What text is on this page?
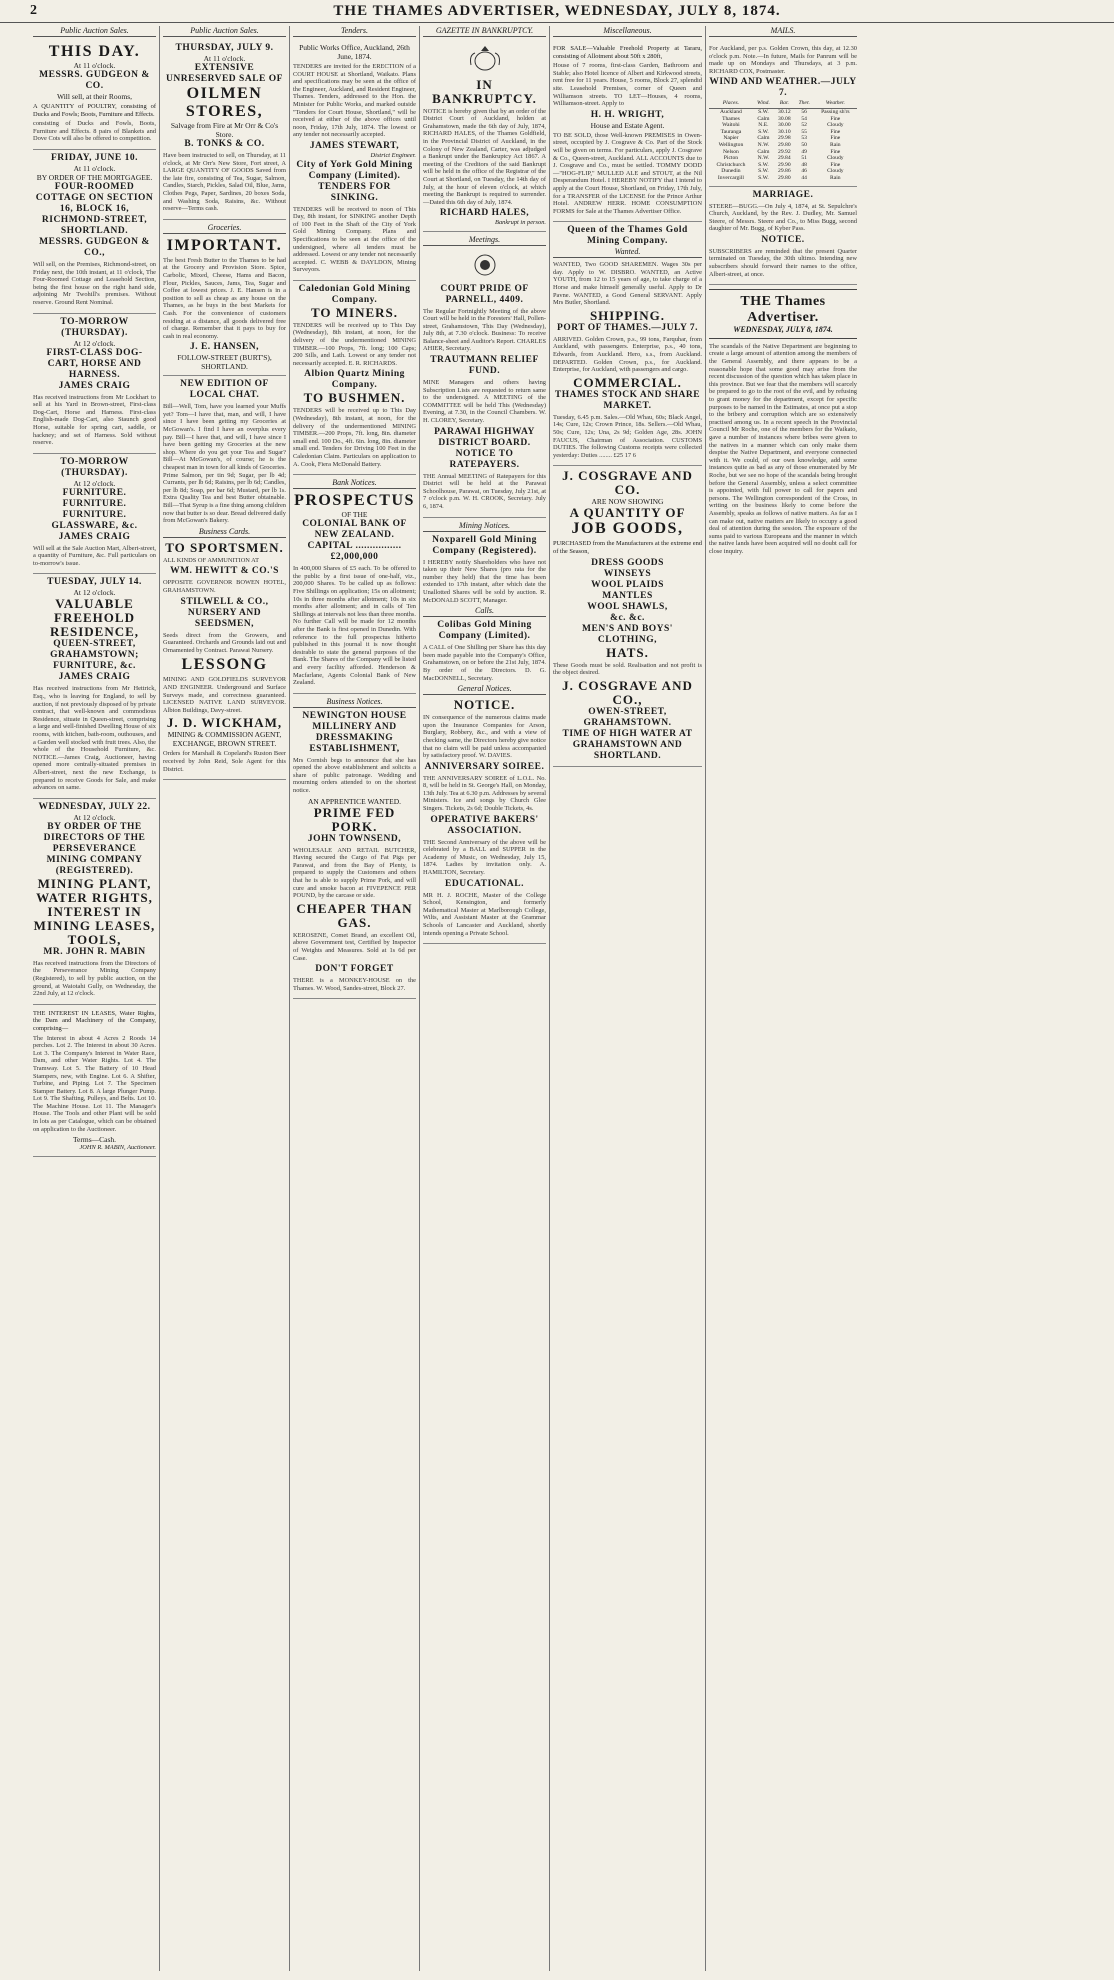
2	THE THAMES ADVERTISER, WEDNESDAY, JULY 8, 1874.
Public Auction Sales.
THIS DAY.
At 11 o'clock.
MESSRS. GUDGEON & CO.
Will sell, at their Rooms,

A QUANTITY of POULTRY, consisting of Ducks and Fowls; Boots, Furniture and Effects.

consisting of Ducks and Fowls, Boots, Furniture and Effects. 8 pairs of Blankets and Dove Cots will also be offered to competition.

FRIDAY, JUNE 10.
At 11 o'clock.
BY ORDER OF THE MORTGAGEE.
FOUR-ROOMED COTTAGE ON SECTION 16, BLOCK 16, RICHMOND-STREET, SHORTLAND.
MESSRS. GUDGEON & CO.,

Will sell, on the Premises, Richmond-street, on Friday next, the 10th instant, at 11 o'clock, The Four-Roomed Cottage and Leasehold Section, being the first house on the right hand side, adjoining Mr Twohill's premises. Without reserve. Ground Rent Nominal.

TO-MORROW (THURSDAY).
At 12 o'clock.
FIRST-CLASS DOG-CART, HORSE AND HARNESS.
JAMES CRAIG

Has received instructions from Mr Lockhart to sell at his Yard in Brown-street, First-class Dog-Cart, Horse and Harness. First-class English-made Dog-Cart, also Staunch good Horse, suitable for spring cart, saddle, or hackney; and set of Harness. Sold without reserve.

TO-MORROW (THURSDAY).
At 12 o'clock.
FURNITURE. FURNITURE. FURNITURE. GLASSWARE, &c.
JAMES CRAIG

Will sell at the Sale Auction Mart, Albert-street, a quantity of Furniture, &c. Full particulars on to-morrow's issue.

TUESDAY, JULY 14.
At 12 o'clock.
VALUABLE FREEHOLD RESIDENCE,
QUEEN-STREET, GRAHAMSTOWN; FURNITURE, &c.
JAMES CRAIG

Has received instructions from Mr Hettrick, Esq., who is leaving for England, to sell by auction, if not previously disposed of by private contract, that well-known and commodious Residence, situate in Queen-street, comprising a large and well-finished Dwelling House of six rooms, with kitchen, bath-room, outhouses, and a Garden well stocked with fruit trees. Also, the whole of the Household Furniture, &c. NOTICE.—James Craig, Auctioneer, having opened more centrally-situated premises in Albert-street, next the new Exchange, is prepared to receive Goods for Sale, and make advances on same.

WEDNESDAY, JULY 22.
At 12 o'clock.
BY ORDER OF THE DIRECTORS OF THE PERSEVERANCE MINING COMPANY (REGISTERED).
MINING PLANT, WATER RIGHTS, INTEREST IN MINING LEASES, TOOLS,
MR. JOHN R. MABIN

Has received instructions from the Directors of the Perseverance Mining Company (Registered), to sell by public auction, on the ground, at Waiotahi Gully, on Wednesday, the 22nd July, at 12 o'clock.

THE INTEREST IN LEASES, Water Rights, the Dam and Machinery of the Company, comprising—

The Interest in about 4 Acres 2 Roods 14 perches. Lot 2. The Interest in about 30 Acres. Lot 3. The Company's Interest in Water Race, Dam, and other Water Rights. Lot 4. The Tramway. Lot 5. The Battery of 10 Head Stampers, new, with Engine. Lot 6. A Shifter, Turbine, and Piping. Lot 7. The Specimen Stamper Battery. Lot 8. A large Plunger Pump. Lot 9. The Shafting, Pulleys, and Belts. Lot 10. The Machine House. Lot 11. The Manager's House. The Tools and other Plant will be sold in lots as per Catalogue, which can be obtained on application to the Auctioneer.

Terms—Cash.
JOHN R. MABIN, Auctioneer.
Public Auction Sales.
THURSDAY, JULY 9.
At 11 o'clock.
EXTENSIVE UNRESERVED SALE OF
OILMEN STORES,
Salvage from Fire at Mr Orr & Co's Store.
B. TONKS & CO.

Have been instructed to sell, on Thursday, at 11 o'clock, at Mr Orr's New Store, Fort street, A LARGE QUANTITY OF GOODS Saved from the late fire, consisting of Tea, Sugar, Salmon, Candles, Starch, Pickles, Salad Oil, Blue, Jams, Clothes Pegs, Paper, Sardines, 20 boxes Soda, and Washing Soda, Raisins, &c. Without reserve—Terms cash.

Groceries.
IMPORTANT.

The best Fresh Butter to the Thames to be had at the Grocery and Provision Store. Spice, Carbolic, Mixed, Cheese, Hams and Bacon, Flour, Pickles, Sauces, Jams, Tea, Sugar and Coffee at lowest prices. J. E. Hansen is in a position to sell as cheap as any house on the Thames, as he buys in the best Markets for Cash. For the convenience of customers residing at a distance, all goods delivered free of charge. Remember that it pays to buy for cash in real economy.

J. E. HANSEN,
FOLLOW-STREET (BURT'S), SHORTLAND.
NEW EDITION OF LOCAL CHAT.

Bill—Well, Tom, have you learned your Muffs yet? Tom—I have that, man, and will, I have since I have been getting my Groceries at McGowan's. I find I have an overplus every pay. Bill—I have that, and will, I have since I have been getting my Groceries at the new shop. Where do you get your Tea and Sugar? Bill—At McGowan's, of course; he is the cheapest man in town for all kinds of Groceries. Prime Salmon, per tin 9d; Sugar, per lb 4d; Currants, per lb 6d; Raisins, per lb 6d; Candles, per lb 8d; Soap, per bar 6d; Mustard, per lb 1s. Extra Quality Tea and best Butter obtainable. Bill—That Syrup is a fine thing among children now that butter is so dear. Bread delivered daily from McGowan's Bakery.

Business Cards.
TO SPORTSMEN.

ALL KINDS OF AMMUNITION AT

WM. HEWITT & CO.'S

OPPOSITE GOVERNOR BOWEN HOTEL, GRAHAMSTOWN.

STILWELL & CO., NURSERY AND SEEDSMEN,

Seeds direct from the Growers, and Guaranteed. Orchards and Grounds laid out and Ornamented by Contract. Parawai Nursery.

LESSONG

MINING AND GOLDFIELDS SURVEYOR AND ENGINEER. Underground and Surface Surveys made, and correctness guaranteed. LICENSED NATIVE LAND SURVEYOR. Albion Buildings, Davy-street.

J. D. WICKHAM,
MINING & COMMISSION AGENT,
EXCHANGE, BROWN STREET.

Orders for Marshall & Copeland's Ruston Beer received by John Reid, Sole Agent for this District.

Tenders.
Public Works Office, Auckland, 26th June, 1874.

TENDERS are invited for the ERECTION of a COURT HOUSE at Shortland, Waikato. Plans and specifications may be seen at the office of the Engineer, Auckland, and Resident Engineer, Thames. Tenders, addressed to the Hon. the Minister for Public Works, and marked outside "Tenders for Court House, Shortland," will be received at either of the above offices until noon, Friday, 17th July, 1874. The lowest or any tender not necessarily accepted.

JAMES STEWART,
District Engineer.
City of York Gold Mining Company (Limited).
TENDERS FOR SINKING.

TENDERS will be received to noon of This Day, 8th instant, for SINKING another Depth of 100 Feet in the Shaft of the City of York Gold Mining Company. Plans and Specifications to be seen at the office of the undersigned, where all tenders must be addressed. Lowest or any tender not necessarily accepted. C. WEBB & DAYLDON, Mining Surveyors.

Caledonian Gold Mining Company.
TO MINERS.

TENDERS will be received up to This Day (Wednesday), 8th instant, at noon, for the delivery of the undermentioned MINING TIMBER.—100 Props, 7ft. long; 100 Caps; 200 Sills, and Lath. Lowest or any tender not necessarily accepted. E. R. RICHARDS.

Albion Quartz Mining Company.
TO BUSHMEN.

TENDERS will be received up to This Day (Wednesday), 8th instant, at noon, for the delivery of the undermentioned MINING TIMBER.—200 Props, 7ft. long, 8in. diameter small end. 100 Do., 4ft. 6in. long, 8in. diameter small end. Tenders for Driving 100 Feet in the Caledonian Claim. Particulars on application to A. Cook, Fiera McDonald Battery.

Bank Notices.
PROSPECTUS
OF THE
COLONIAL BANK OF NEW ZEALAND.
CAPITAL ................ £2,000,000

In 400,000 Shares of £5 each. To be offered to the public by a first issue of one-half, viz., 200,000 Shares. To be called up as follows: Five Shillings on application; 15s on allotment; 10s in three months after allotment; 10s in six months after allotment; and in calls of Ten Shillings at intervals not less than three months. No further Call will be made for 12 months after the Bank is first opened in Dunedin. With reference to the full prospectus hitherto published in this journal it is now thought desirable to state the general purposes of the Bank. The Shares of the Company will be listed and every facility afforded. Henderson & Macfarlane, Agents Colonial Bank of New Zealand.

Business Notices.
NEWINGTON HOUSE
MILLINERY AND DRESSMAKING ESTABLISHMENT,

Mrs Cornish begs to announce that she has opened the above establishment and solicits a share of public patronage. Wedding and mourning orders attended to on the shortest notice.

AN APPRENTICE WANTED.
PRIME FED PORK.
JOHN TOWNSEND,

WHOLESALE AND RETAIL BUTCHER, Having secured the Cargo of Fat Pigs per Parawai, and from the Bay of Plenty, is prepared to supply the Customers and others that he is able to supply Prime Pork, and will cure and smoke bacon at FIVEPENCE PER POUND, by the carcase or side.

CHEAPER THAN GAS.

KEROSENE, Comet Brand, an excellent Oil, above Government test, Certified by Inspector of Weights and Measures. Sold at 1s 6d per Case.

DON'T FORGET

THERE is a MONKEY-HOUSE on the Thames. W. Wood, Sandes-street, Block 27.

GAZETTE IN BANKRUPTCY.
IN BANKRUPTCY.

NOTICE is hereby given that by an order of the District Court of Auckland, holden at Grahamstown, made the 6th day of July, 1874, RICHARD HALES, of the Thames Goldfield, in the Provincial District of Auckland, in the Colony of New Zealand, Carter, was adjudged a Bankrupt under the Bankruptcy Act 1867. A meeting of the Creditors of the said Bankrupt will be held in the office of the Registrar of the Court at Shortland, on Tuesday, the 14th day of July, at the hour of eleven o'clock, at which meeting the Bankrupt is required to surrender.—Dated this 6th day of July, 1874.

RICHARD HALES,
Bankrupt in person.
Meetings.
COURT PRIDE OF PARNELL, 4409.

The Regular Fortnightly Meeting of the above Court will be held in the Foresters' Hall, Pollen-street, Grahamstown, This Day (Wednesday), July 8th, at 7.30 o'clock. Business: To receive Balance-sheet and Auditor's Report. CHARLES AHIER, Secretary.

TRAUTMANN RELIEF FUND.

MINE Managers and others having Subscription Lists are requested to return same to the undersigned. A MEETING of the COMMITTEE will be held This (Wednesday) Evening, at 7.30, in the Council Chambers. W. H. CLOREY, Secretary.

PARAWAI HIGHWAY DISTRICT BOARD.
NOTICE TO RATEPAYERS.

THE Annual MEETING of Ratepayers for this District will be held at the Parawai Schoolhouse, Parawai, on Tuesday, July 21st, at 7 o'clock p.m. W. H. CROOK, Secretary. July 6, 1874.

Mining Notices.
Noxparell Gold Mining Company (Registered).

I HEREBY notify Shareholders who have not taken up their New Shares (pro rata for the number they held) that the time has been extended to 17th instant, after which date the Unallotted Shares will be sold by auction. R. McDONALD SCOTT, Manager.

Calls.
Colibas Gold Mining Company (Limited).

A CALL of One Shilling per Share has this day been made payable into the Company's Office, Grahamstown, on or before the 21st July, 1874. By order of the Directors. D. G. MacDONNELL, Secretary.

General Notices.
NOTICE.

IN consequence of the numerous claims made upon the Insurance Companies for Arson, Burglary, Robbery, &c., and with a view of checking same, the Directors hereby give notice that no claim will be paid unless accompanied by satisfactory proof. W. DAVIES.

ANNIVERSARY SOIREE.

THE ANNIVERSARY SOIREE of L.O.L. No. 8, will be held in St. George's Hall, on Monday, 13th July. Tea at 6.30 p.m. Addresses by several Ministers. Ice and songs by Church Glee Singers. Tickets, 2s 6d; Double Tickets, 4s.

OPERATIVE BAKERS' ASSOCIATION.

THE Second Anniversary of the above will be celebrated by a BALL and SUPPER in the Academy of Music, on Wednesday, July 15, 1874. Ladies by invitation only. A. HAMILTON, Secretary.

EDUCATIONAL.

MR H. J. ROCHE, Master of the College School, Kensington, and formerly Mathematical Master at Marlborough College, Wilts, and Assistant Master at the Grammar Schools of Lancaster and Auckland, shortly intends opening a Private School.

Miscellaneous.

FOR SALE—Valuable Freehold Property at Tararu, consisting of Allotment about 50ft x 280ft,

House of 7 rooms, first-class Garden, Bathroom and Stable; also Hotel licence of Albert and Kirkwood streets, rent free for 11 years. House, 5 rooms, Block 27, splendid site. Leasehold Premises, corner of Queen and Williamson streets. TO LET—Houses, 4 rooms, Williamson-street. Apply to

H. H. WRIGHT,
House and Estate Agent.

TO BE SOLD, those Well-known PREMISES in Owen-street, occupied by J. Cosgrave & Co. Part of the Stock will be given on terms. For particulars, apply J. Cosgrave & Co., Queen-street, Auckland. ALL ACCOUNTS due to J. Cosgrave and Co., must be settled. TOMMY DODD—"HOG-FLIP," MULLED ALE and STOUT, at the Nil Desperandum Hotel. I HEREBY NOTIFY that I intend to apply at the Court House, Shortland, on Friday, 17th July, for a TRANSFER of the LICENSE for the Prince Arthur Hotel. ANDREW HERR. HOME CONSUMPTION FORMS for Sale at the Thames Advertiser Office.

Queen of the Thames Gold Mining Company.
Wanted.

WANTED, Two GOOD SHAREMEN. Wages 30s per day. Apply to W. DISBRO. WANTED, an Active YOUTH, from 12 to 15 years of age, to take charge of a Horse and make himself generally useful. Apply to Dr Pavne. WANTED, a Good General SERVANT. Apply Mrs Butler, Shortland.

SHIPPING.
PORT OF THAMES.—JULY 7.

ARRIVED. Golden Crown, p.s., 99 tons, Farquhar, from Auckland, with passengers. Enterprise, p.s., 40 tons, Edwards, from Auckland. Hero, s.s., from Auckland. DEPARTED. Golden Crown, p.s., for Auckland. Enterprise, for Auckland, with passengers and cargo.

COMMERCIAL.
THAMES STOCK AND SHARE MARKET.

Tuesday, 6.45 p.m. Sales.—Old Whau, 60s; Black Angel, 14s; Cure, 12s; Crown Prince, 18s. Sellers.—Old Whau, 50s; Cure, 12s; Una, 2s 9d; Golden Age, 28s. JOHN FAUCUS, Chairman of Association. CUSTOMS DUTIES. The following Customs receipts were collected yesterday: Duties ........ £25 17 6

J. COSGRAVE AND CO.
ARE NOW SHOWING
A QUANTITY OF
JOB GOODS,

PURCHASED from the Manufacturers at the extreme end of the Season,

DRESS GOODS
WINSEYS
WOOL PLAIDS
MANTLES
WOOL SHAWLS,
&c. &c.
MEN'S AND BOYS' CLOTHING,
HATS.

These Goods must be sold. Realisation and not profit is the object desired.

J. COSGRAVE AND CO.,
OWEN-STREET, GRAHAMSTOWN.
TIME OF HIGH WATER AT GRAHAMSTOWN AND SHORTLAND.
MAILS.

For Auckland, per p.s. Golden Crown, this day, at 12.30 o'clock p.m. Note.—In future, Mails for Panrum will be made up on Mondays and Thursdays, at 3 p.m. RICHARD COX, Postmaster.

WIND AND WEATHER.—JULY 7.
Places.	Wind.	Bar.	Ther.	Weather.
Auckland	S.W.	30.12	56	Passing sh'rs
Thames	Calm	30.08	54	Fine
Waitohi	N.E.	30.00	52	Cloudy
Tauranga	S.W.	30.10	55	Fine
Napier	Calm	29.98	53	Fine
Wellington	N.W.	29.80	50	Rain
Nelson	Calm	29.92	49	Fine
Picton	N.W.	29.84	51	Cloudy
Christchurch	S.W.	29.90	48	Fine
Dunedin	S.W.	29.86	46	Cloudy
Invercargill	S.W.	29.80	44	Rain
MARRIAGE.

STEERE—BUGG.—On July 4, 1874, at St. Sepulchre's Church, Auckland, by the Rev. J. Dudley, Mr. Samuel Steere, of Messrs. Steere and Co., to Miss Bugg, second daughter of Mr. Bugg, of Kyber Pass.

NOTICE.

SUBSCRIBERS are reminded that the present Quarter terminated on Tuesday, the 30th ultimo. Intending new subscribers should forward their names to the office, Albert-street, at once.

THE Thames Advertiser.
WEDNESDAY, JULY 8, 1874.
The scandals of the Native Department are beginning to create a large amount of attention among the members of the General Assembly, and there appears to be a reasonable hope that some good may arise from the recent discussion of the question which has taken place in this province. But we fear that the members will scarcely be prepared to go to the root of the evil, and by refusing to grant money for the department, except for specific purposes to be named in the Estimates, at once put a stop to the bribery and corruption which are so extensively practised among us. In a recent speech in the Provincial Council Mr Roche, one of the members for the Waikato, gave a number of instances where bribes were given to the natives in a manner which can only make them despise the Native Department, and everyone connected with it. We could, of our own knowledge, add some instances quite as bad as any of those enumerated by Mr Roche, but we see no hope of the scandals being brought before the General Assembly, unless a select committee is appointed, with full power to call for papers and persons. The Wellington correspondent of the Cross, in writing on the business likely to come before the Assembly, speaks as follows of native matters. As far as I can make out, native matters are likely to occupy a good deal of attention during the session. The exposure of the sums paid to various Europeans and the manner in which the native lands have been acquired will no doubt call for close inquiry.
